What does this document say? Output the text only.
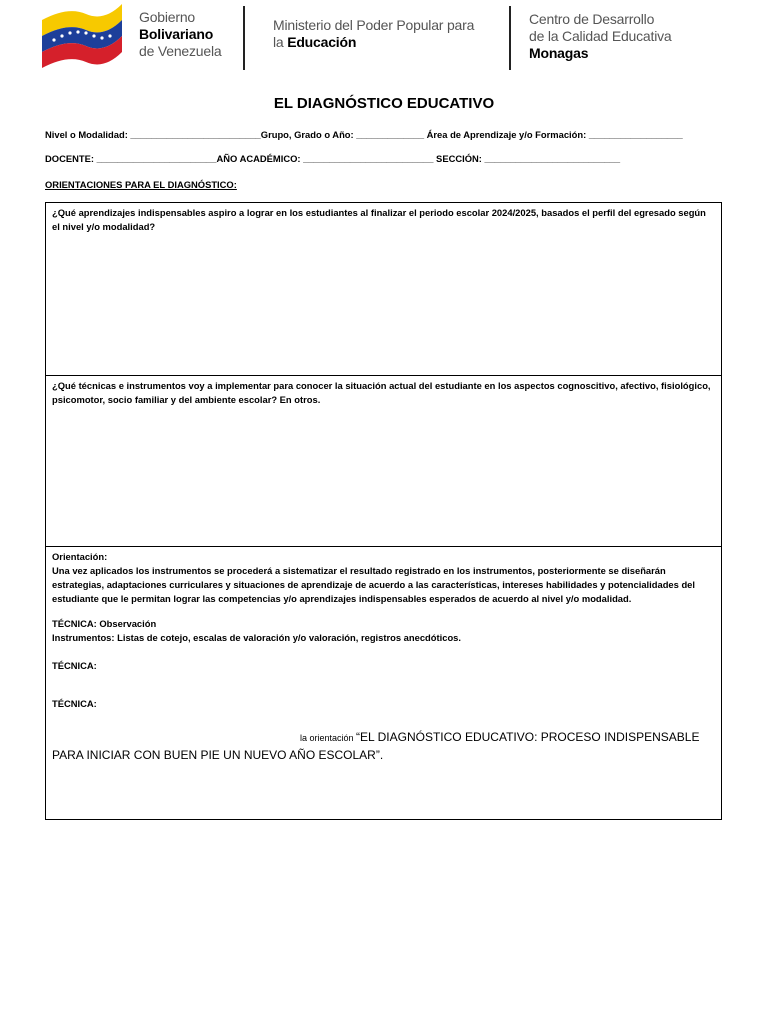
Gobierno
Bolivariano
de Venezuela
Ministerio del Poder Popular para
la Educación
Centro de Desarrollo
de la Calidad Educativa
Monagas
EL DIAGNÓSTICO EDUCATIVO
Nivel o Modalidad: _________________________Grupo, Grado o Año: _____________ Área de Aprendizaje y/o Formación: __________________
DOCENTE: _______________________AÑO ACADÉMICO: _________________________ SECCIÓN: __________________________
ORIENTACIONES PARA EL DIAGNÓSTICO:

¿Qué aprendizajes indispensables aspiro a lograr en los estudiantes al finalizar el periodo escolar 2024/2025, basados el perfil del egresado según el nivel y/o modalidad?

¿Qué técnicas e instrumentos voy a implementar para conocer la situación actual del estudiante en los aspectos cognoscitivo, afectivo, fisiológico, psicomotor, socio familiar y del ambiente escolar? En otros.

Orientación:

Una vez aplicados los instrumentos se procederá a sistematizar el resultado registrado en los instrumentos, posteriormente se diseñarán estrategias, adaptaciones curriculares y situaciones de aprendizaje de acuerdo a las características, intereses habilidades y potencialidades del estudiante que le permitan lograr las competencias y/o aprendizajes indispensables esperados de acuerdo al nivel y/o modalidad.

TÉCNICA: Observación

Instrumentos: Listas de cotejo, escalas de valoración y/o valoración, registros anecdóticos.

TÉCNICA:

TÉCNICA:

la orientación “EL DIAGNÓSTICO EDUCATIVO: PROCESO INDISPENSABLE
PARA INICIAR CON BUEN PIE UN NUEVO AÑO ESCOLAR”.
